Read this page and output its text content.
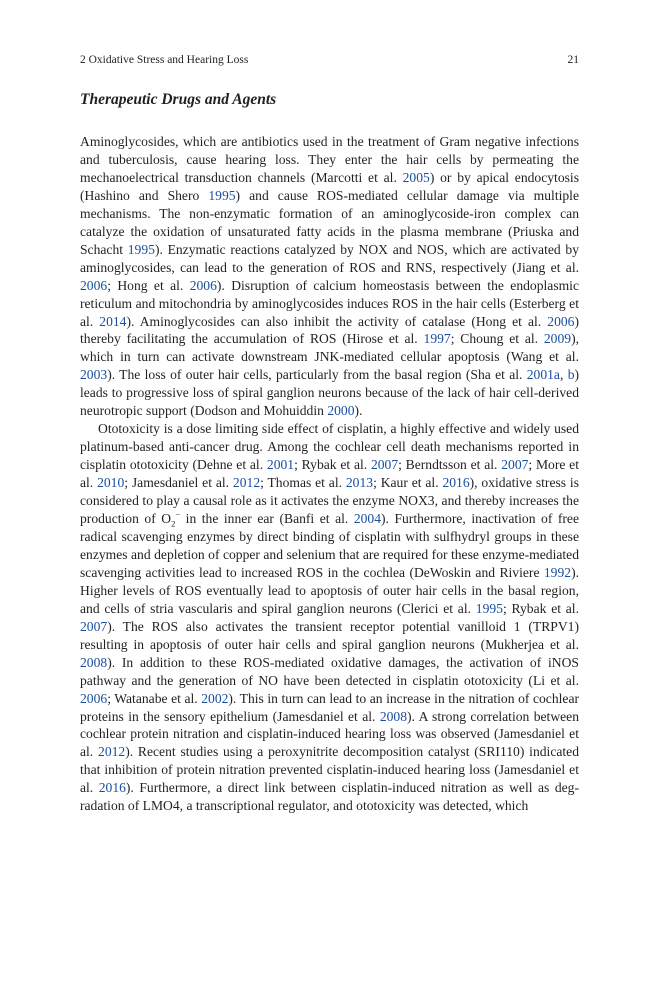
2 Oxidative Stress and Hearing Loss	21
Therapeutic Drugs and Agents

Aminoglycosides, which are antibiotics used in the treatment of Gram negative infections and tuberculosis, cause hearing loss. They enter the hair cells by permeating the mechanoelectrical transduction channels (Marcotti et al. 2005) or by apical endocytosis (Hashino and Shero 1995) and cause ROS-mediated cellular damage via multiple mechanisms. The non-enzymatic formation of an aminoglycoside-iron complex can catalyze the oxidation of unsaturated fatty acids in the plasma membrane (Priuska and Schacht 1995). Enzymatic reactions catalyzed by NOX and NOS, which are activated by aminoglycosides, can lead to the generation of ROS and RNS, respectively (Jiang et al. 2006; Hong et al. 2006). Disruption of calcium homeostasis between the endoplasmic reticulum and mitochondria by aminoglycosides induces ROS in the hair cells (Esterberg et al. 2014). Aminoglycosides can also inhibit the activity of catalase (Hong et al. 2006) thereby facilitating the accumulation of ROS (Hirose et al. 1997; Choung et al. 2009), which in turn can activate downstream JNK-mediated cellular apoptosis (Wang et al. 2003). The loss of outer hair cells, particularly from the basal region (Sha et al. 2001a, b) leads to progressive loss of spiral ganglion neurons because of the lack of hair cell-derived neurotropic support (Dodson and Mohuiddin 2000).

Ototoxicity is a dose limiting side effect of cisplatin, a highly effective and widely used platinum-based anti-cancer drug. Among the cochlear cell death mechanisms reported in cisplatin ototoxicity (Dehne et al. 2001; Rybak et al. 2007; Berndtsson et al. 2007; More et al. 2010; Jamesdaniel et al. 2012; Thomas et al. 2013; Kaur et al. 2016), oxidative stress is considered to play a causal role as it activates the enzyme NOX3, and thereby increases the production of $O_2^-$ in the inner ear (Banfi et al. 2004). Furthermore, inactivation of free radical scavenging enzymes by direct binding of cisplatin with sulfhydryl groups in these enzymes and depletion of copper and selenium that are required for these enzyme-mediated scavenging activities lead to increased ROS in the cochlea (DeWoskin and Riviere 1992). Higher levels of ROS eventually lead to apoptosis of outer hair cells in the basal region, and cells of stria vascularis and spiral ganglion neurons (Clerici et al. 1995; Rybak et al. 2007). The ROS also activates the transient receptor potential vanilloid 1 (TRPV1) resulting in apoptosis of outer hair cells and spiral ganglion neurons (Mukherjea et al. 2008). In addition to these ROS-mediated oxidative damages, the activation of iNOS pathway and the generation of NO have been detected in cisplatin ototoxicity (Li et al. 2006; Watanabe et al. 2002). This in turn can lead to an increase in the nitration of cochlear proteins in the sensory epithelium (Jamesdaniel et al. 2008). A strong correlation between cochlear protein nitration and cisplatin-induced hearing loss was observed (Jamesdaniel et al. 2012). Recent studies using a peroxynitrite decomposition catalyst (SRI110) indicated that inhibition of protein nitration prevented cisplatin-induced hearing loss (Jamesdaniel et al. 2016). Furthermore, a direct link between cisplatin-induced nitration as well as degradation of LMO4, a transcriptional regulator, and ototoxicity was detected, which
